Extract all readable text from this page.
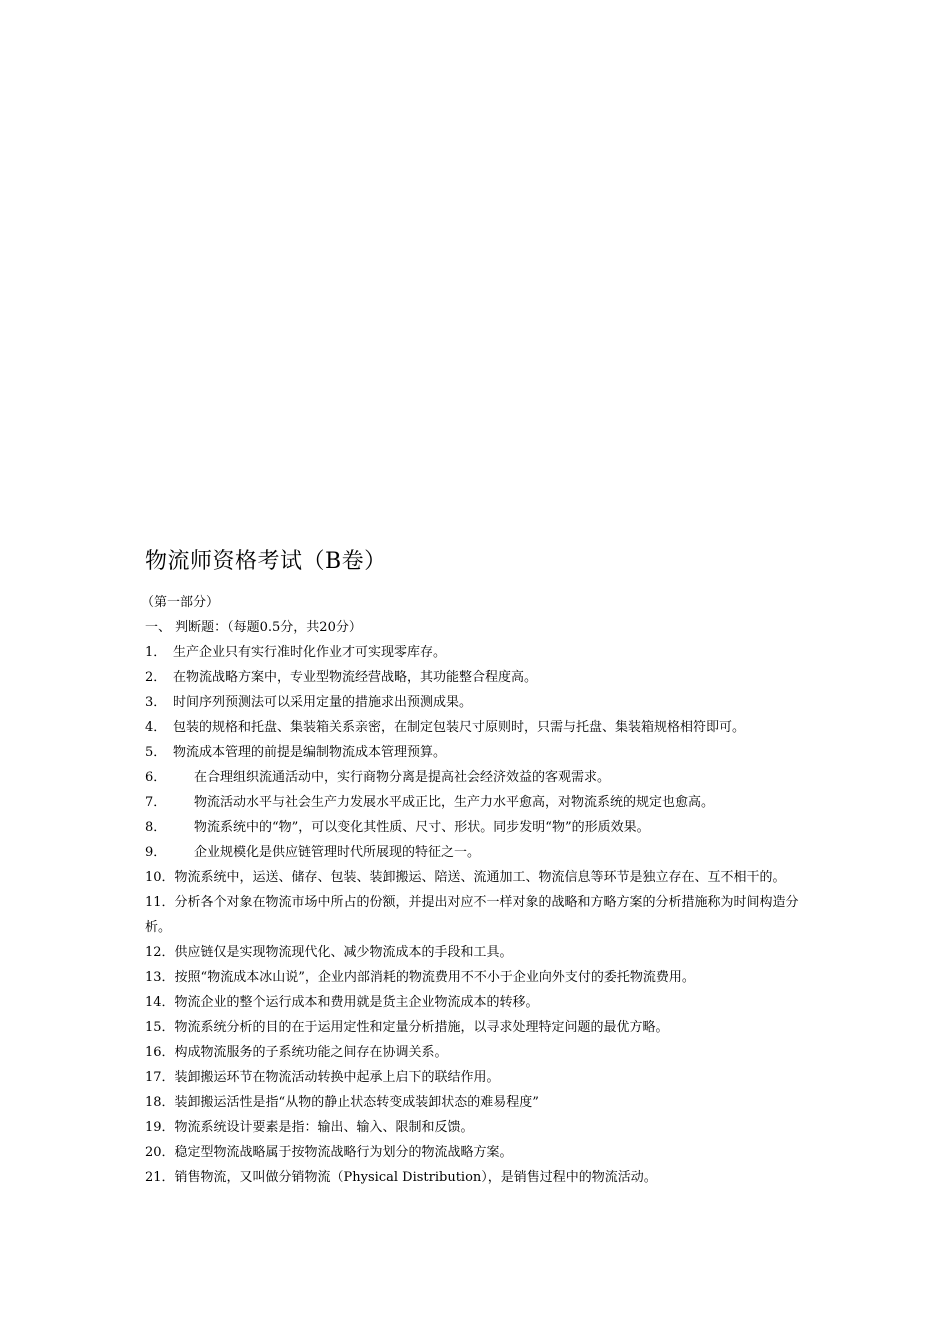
物流师资格考试（B卷）
（第一部分）
一、 判断题：（每题0.5分，共20分）
1． 生产企业只有实行准时化作业才可实现零库存。
2． 在物流战略方案中，专业型物流经营战略，其功能整合程度高。
3． 时间序列预测法可以采用定量的措施求出预测成果。
4． 包装的规格和托盘、集装箱关系亲密，在制定包装尺寸原则时，只需与托盘、集装箱规格相符即可。
5． 物流成本管理的前提是编制物流成本管理预算。
6．	在合理组织流通活动中，实行商物分离是提高社会经济效益的客观需求。
7．	物流活动水平与社会生产力发展水平成正比，生产力水平愈高，对物流系统的规定也愈高。
8．	物流系统中的“物”，可以变化其性质、尺寸、形状。同步发明“物”的形质效果。
9．	企业规模化是供应链管理时代所展现的特征之一。
10．物流系统中，运送、储存、包装、装卸搬运、陪送、流通加工、物流信息等环节是独立存在、互不相干的。
11．分析各个对象在物流市场中所占的份额，并提出对应不一样对象的战略和方略方案的分析措施称为时间构造分析。
12． 供应链仅是实现物流现代化、减少物流成本的手段和工具。
13． 按照“物流成本冰山说”，企业内部消耗的物流费用不不小于企业向外支付的委托物流费用。
14． 物流企业的整个运行成本和费用就是货主企业物流成本的转移。
15． 物流系统分析的目的在于运用定性和定量分析措施，以寻求处理特定问题的最优方略。
16． 构成物流服务的子系统功能之间存在协调关系。
17． 装卸搬运环节在物流活动转换中起承上启下的联结作用。
18． 装卸搬运活性是指“从物的静止状态转变成装卸状态的难易程度”
19． 物流系统设计要素是指：输出、输入、限制和反馈。
20． 稳定型物流战略属于按物流战略行为划分的物流战略方案。
21． 销售物流，又叫做分销物流（Physical Distribution），是销售过程中的物流活动。
